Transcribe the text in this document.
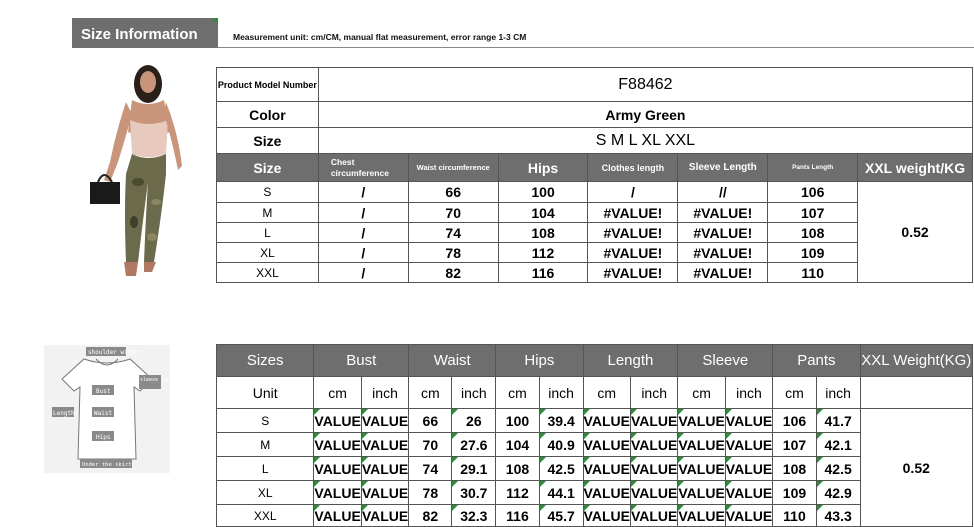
Size Information	Measurement unit: cm/CM, manual flat measurement, error range 1-3 CM
Product Model Number	F88462						
Color	Army Green						
Size	S M L XL XXL						
Size	Chest circumference	Waist circumference	Hips	Clothes length	Sleeve Length	Pants Length	XXL weight/KG
S	/	66	100	/	//	106	0.52
M	/	70	104	#VALUE!	#VALUE!	107	
L	/	74	108	#VALUE!	#VALUE!	108	
XL	/	78	112	#VALUE!	#VALUE!	109	
XXL	/	82	116	#VALUE!	#VALUE!	110	
shoulder width
sleeve length
Bust
Waist
Length
Hips
Under the skirt
Sizes	Bust		Waist		Hips		Length		Sleeve		Pants		XXL Weight(KG)
Unit	cm	inch	cm	inch	cm	inch	cm	inch	cm	inch	cm	inch	
S	VALUE	VALUE	66	26	100	39.4	VALUE	VALUE	VALUE	VALUE	106	41.7	0.52
M	VALUE	VALUE	70	27.6	104	40.9	VALUE	VALUE	VALUE	VALUE	107	42.1	
L	VALUE	VALUE	74	29.1	108	42.5	VALUE	VALUE	VALUE	VALUE	108	42.5	
XL	VALUE	VALUE	78	30.7	112	44.1	VALUE	VALUE	VALUE	VALUE	109	42.9	
XXL	VALUE	VALUE	82	32.3	116	45.7	VALUE	VALUE	VALUE	VALUE	110	43.3	
